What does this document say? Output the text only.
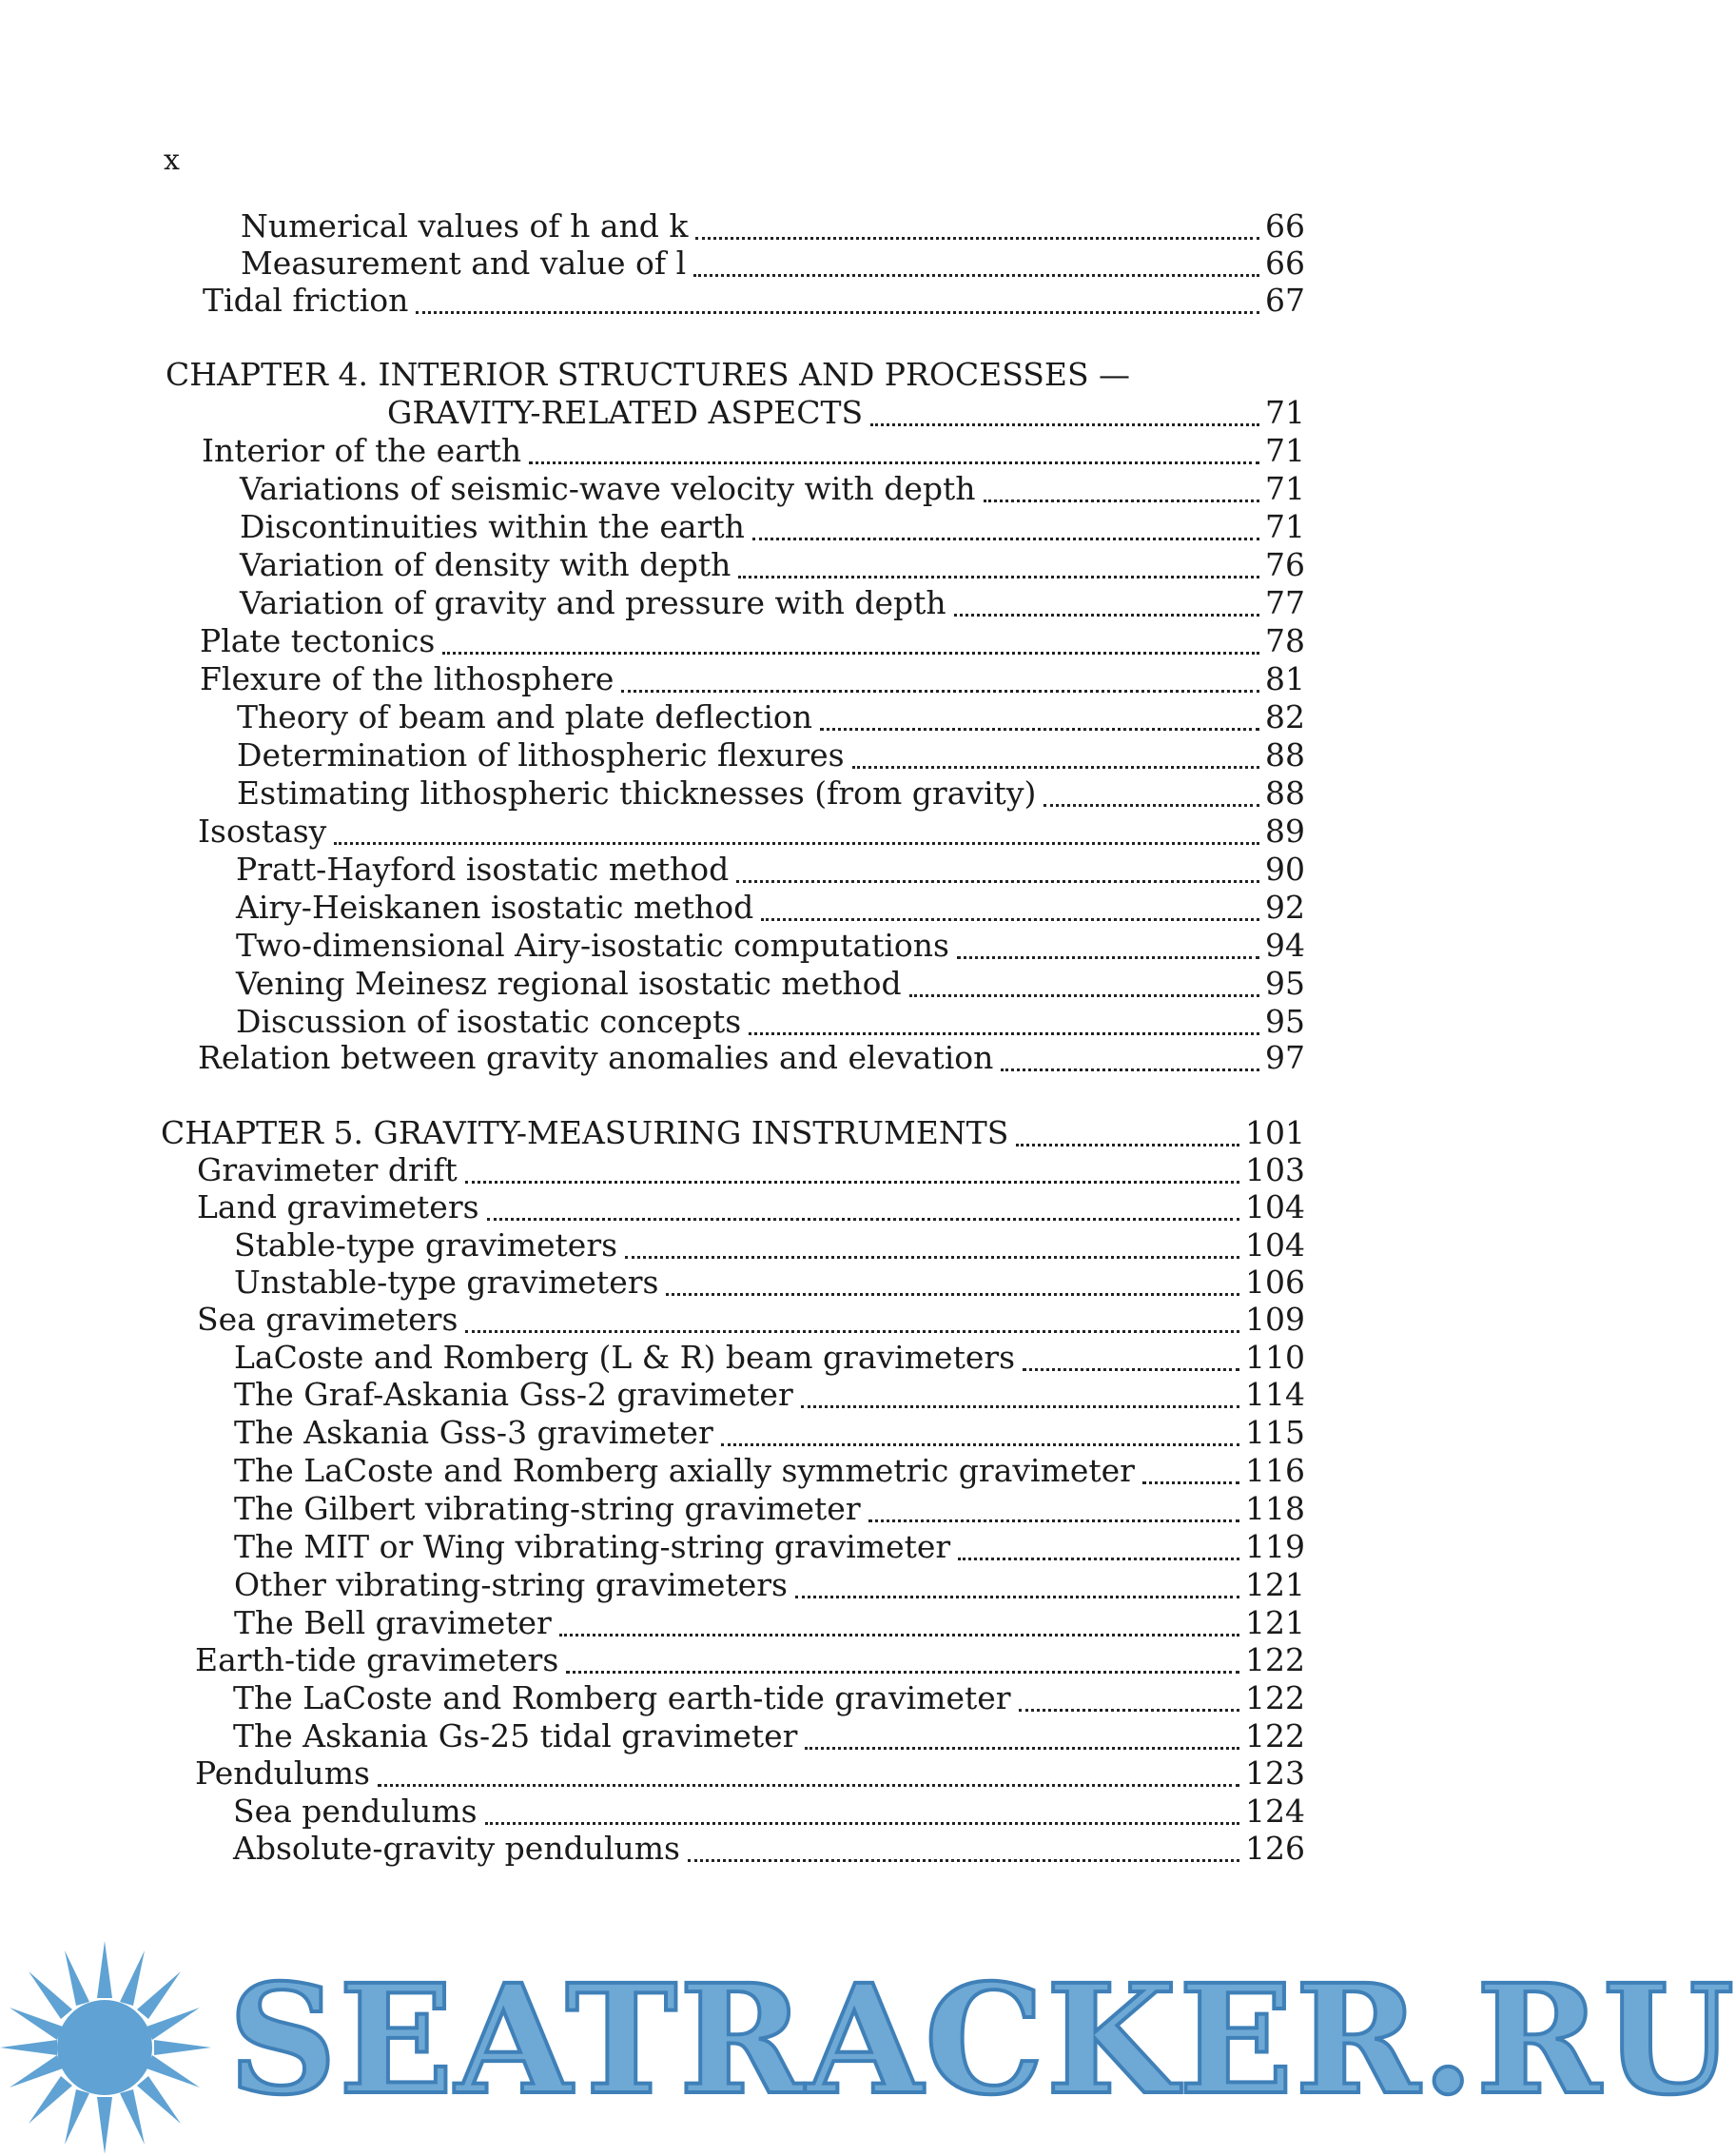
x
Numerical values of h and k	66
Measurement and value of l	66
Tidal friction	67
CHAPTER 4. INTERIOR STRUCTURES AND PROCESSES —
GRAVITY-RELATED ASPECTS	71
Interior of the earth	71
Variations of seismic-wave velocity with depth	71
Discontinuities within the earth	71
Variation of density with depth	76
Variation of gravity and pressure with depth	77
Plate tectonics	78
Flexure of the lithosphere	81
Theory of beam and plate deflection	82
Determination of lithospheric flexures	88
Estimating lithospheric thicknesses (from gravity)	88
Isostasy	89
Pratt-Hayford isostatic method	90
Airy-Heiskanen isostatic method	92
Two-dimensional Airy-isostatic computations	94
Vening Meinesz regional isostatic method	95
Discussion of isostatic concepts	95
Relation between gravity anomalies and elevation	97
CHAPTER 5. GRAVITY-MEASURING INSTRUMENTS	101
Gravimeter drift	103
Land gravimeters	104
Stable-type gravimeters	104
Unstable-type gravimeters	106
Sea gravimeters	109
LaCoste and Romberg (L & R) beam gravimeters	110
The Graf-Askania Gss-2 gravimeter	114
The Askania Gss-3 gravimeter	115
The LaCoste and Romberg axially symmetric gravimeter	116
The Gilbert vibrating-string gravimeter	118
The MIT or Wing vibrating-string gravimeter	119
Other vibrating-string gravimeters	121
The Bell gravimeter	121
Earth-tide gravimeters	122
The LaCoste and Romberg earth-tide gravimeter	122
The Askania Gs-25 tidal gravimeter	122
Pendulums	123
Sea pendulums	124
Absolute-gravity pendulums	126
SEATRACKER.RU
